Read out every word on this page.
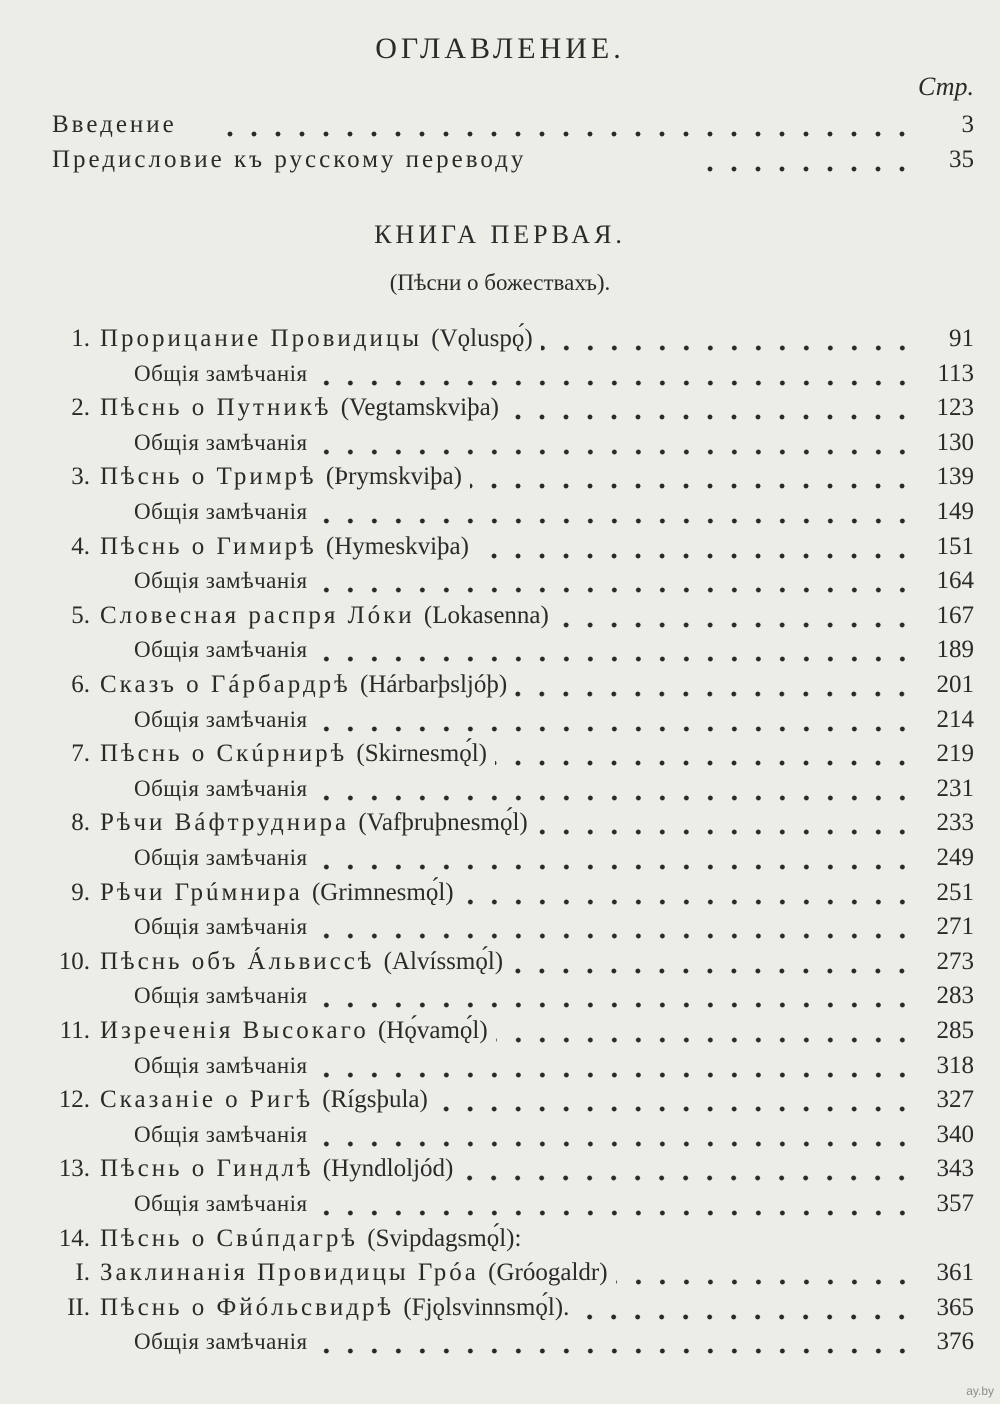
ОГЛАВЛЕНИЕ.
Стр.
Введение	3
Предисловие къ русскому переводу	35
КНИГА ПЕРВАЯ.
(Пѣсни о божествахъ).
1. Прорицание Провидицы (Vǫluspǫ́)	91
Общія замѣчанія	113
2. Пѣснь о Путникѣ (Vegtamskviþa)	123
Общія замѣчанія	130
3. Пѣснь о Тримрѣ (Þrymskviþa)	139
Общія замѣчанія	149
4. Пѣснь о Гимирѣ (Hymeskviþa)	151
Общія замѣчанія	164
5. Словесная распря Лóки (Lokasenna)	167
Общія замѣчанія	189
6. Сказъ о Гáрбардрѣ (Hárbarþsljóþ)	201
Общія замѣчанія	214
7. Пѣснь о Скúрнирѣ (Skirnesmǫ́l)	219
Общія замѣчанія	231
8. Рѣчи Вáфтруднира (Vafþruþnesmǫ́l)	233
Общія замѣчанія	249
9. Рѣчи Грúмнира (Grimnesmǫ́l)	251
Общія замѣчанія	271
10. Пѣснь объ Áльвиссѣ (Alvíssmǫ́l)	273
Общія замѣчанія	283
11. Изреченія Высокаго (Hǫ́vamǫ́l)	285
Общія замѣчанія	318
12. Сказаніе о Ригѣ (Rígsþula)	327
Общія замѣчанія	340
13. Пѣснь о Гиндлѣ (Hyndloljód)	343
Общія замѣчанія	357
14. Пѣснь о Свúпдагрѣ (Svipdagsmǫ́l):
I. Заклинанія Провидицы Грóа (Gróogaldr)	361
II. Пѣснь о Фйóльсвидрѣ (Fjǫlsvinnsmǫ́l).	365
Общія замѣчанія	376
ay.by
